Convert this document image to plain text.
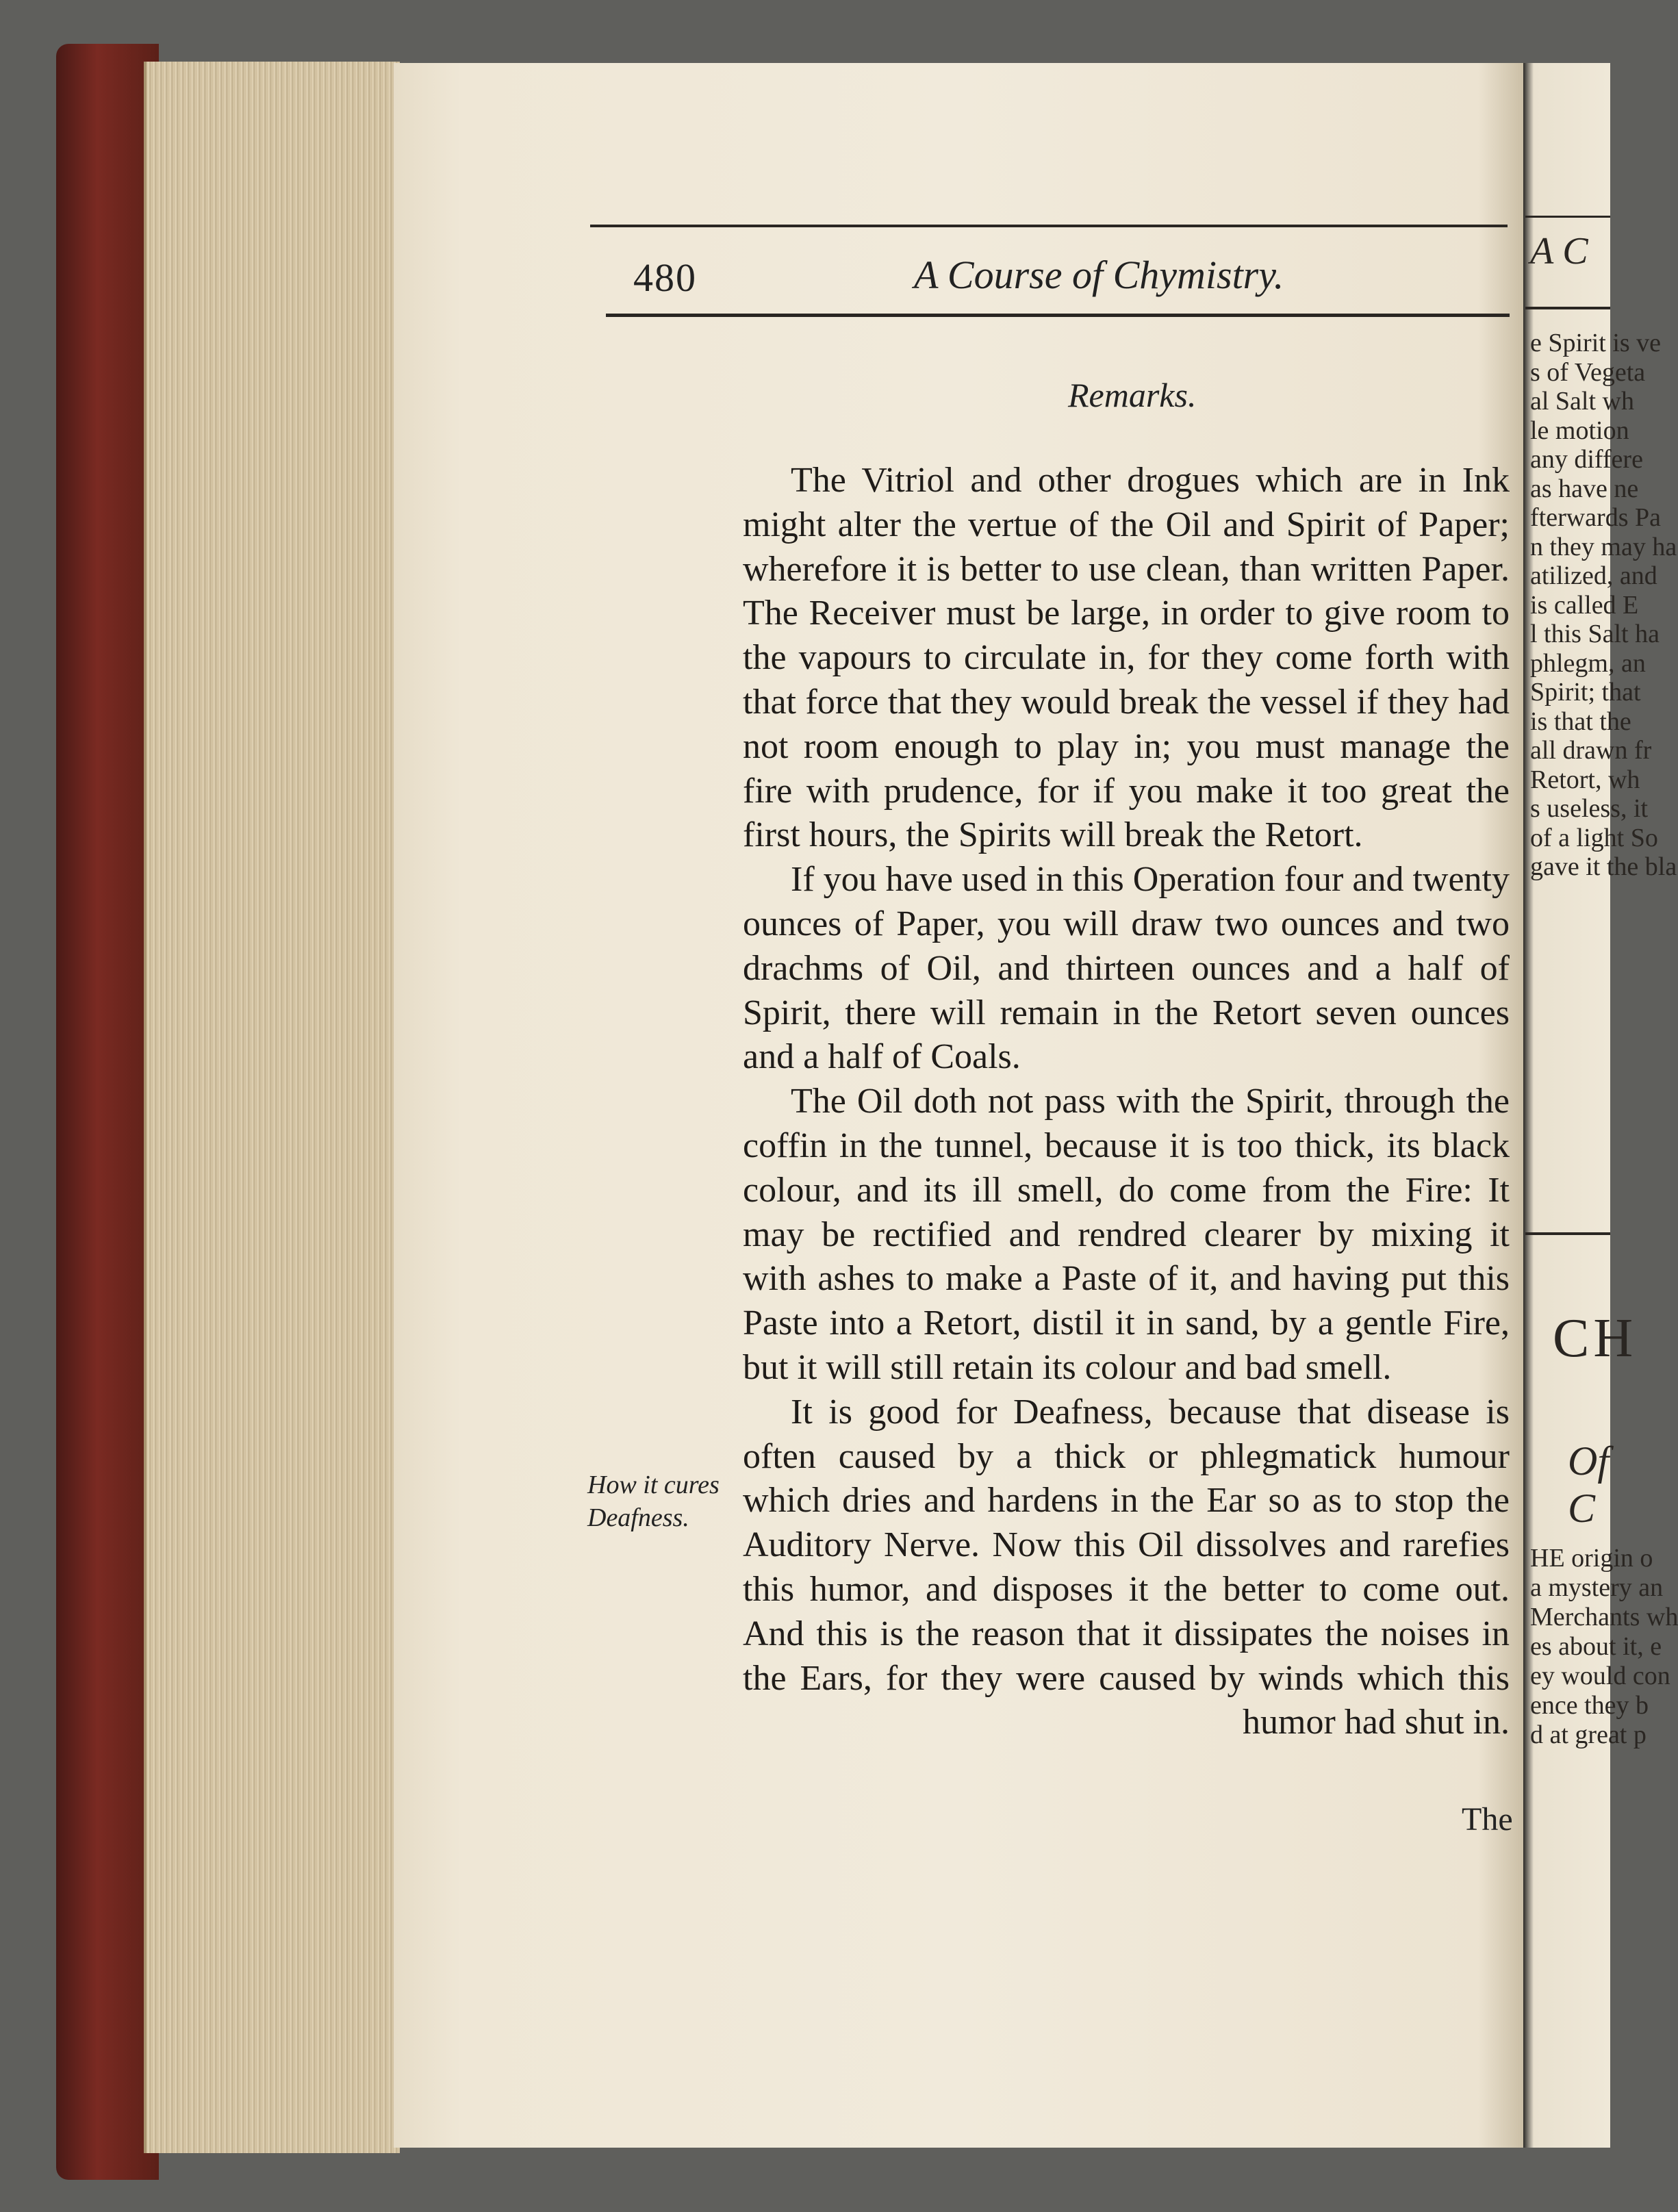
480	A Course of Chymistry.
Remarks.

The Vitriol and other drogues which are in Ink might alter the vertue of the Oil and Spirit of Paper; wherefore it is better to use clean, than written Paper. The Receiver must be large, in order to give room to the vapours to circulate in, for they come forth with that force that they would break the vessel if they had not room enough to play in; you must manage the fire with prudence, for if you make it too great the first hours, the Spirits will break the Retort.

If you have used in this Operation four and twenty ounces of Paper, you will draw two ounces and two drachms of Oil, and thirteen ounces and a half of Spirit, there will remain in the Retort seven ounces and a half of Coals.

The Oil doth not pass with the Spirit, through the coffin in the tunnel, because it is too thick, its black colour, and its ill smell, do come from the Fire: It may be rectified and rendred clearer by mixing it with ashes to make a Paste of it, and having put this Paste into a Retort, distil it in sand, by a gentle Fire, but it will still retain its colour and bad smell.

It is good for Deafness, because that disease is often caused by a thick or phlegmatick humour which dries and hardens in the Ear so as to stop the Auditory Nerve. Now this Oil dissolves and rarefies this humor, and disposes it the better to come out. And this is the reason that it dissipates the noises in the Ears, for they were caused by winds which this humor had shut in.

How it cures Deafness.
The
A C
e Spirit is ve
s of Vegeta
al Salt wh
le motion
any differe
as have ne
fterwards Pa
n they may ha
atilized, and
is called E
l this Salt ha
phlegm, an
Spirit; that
is that the
all drawn fr
Retort, wh
s useless, it
of a light So
gave it the bla
CH
Of C
HE origin o
a mystery an
Merchants wh
es about it, e
ey would con
ence they b
d at great p
